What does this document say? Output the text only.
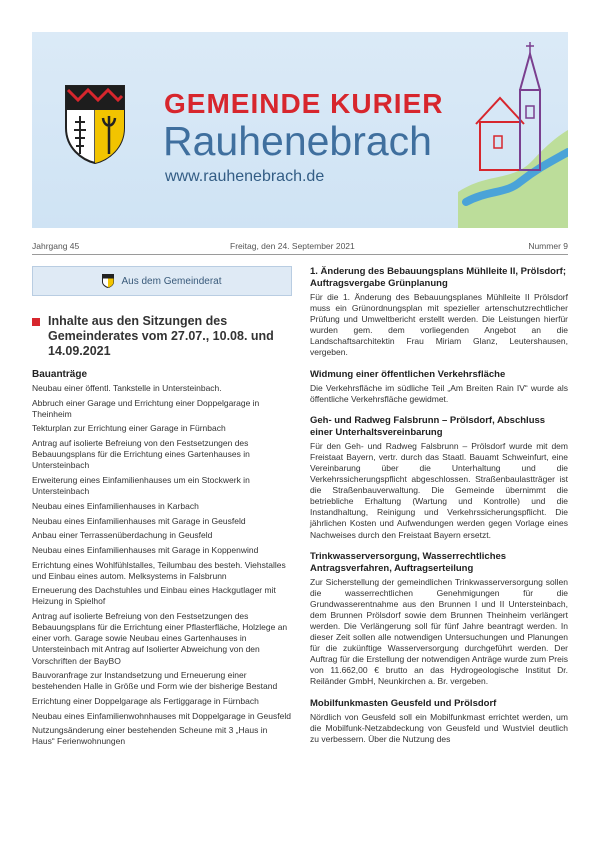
GEMEINDE KURIER
Rauhenebrach
www.rauhenebrach.de
Jahrgang 45	Freitag, den 24. September 2021	Nummer 9
Aus dem Gemeinderat
Inhalte aus den Sitzungen des Gemeinderates vom 27.07., 10.08. und 14.09.2021
Bauanträge

Neubau einer öffentl. Tankstelle in Untersteinbach.

Abbruch einer Garage und Errichtung einer Doppelgarage in Theinheim

Tekturplan zur Errichtung einer Garage in Fürnbach

Antrag auf isolierte Befreiung von den Festsetzungen des Bebauungsplans für die Errichtung eines Gartenhauses in Untersteinbach

Erweiterung eines Einfamilienhauses um ein Stockwerk in Untersteinbach

Neubau eines Einfamilienhauses in Karbach

Neubau eines Einfamilienhauses mit Garage in Geusfeld

Anbau einer Terrassenüberdachung in Geusfeld

Neubau eines Einfamilienhauses mit Garage in Koppenwind

Errichtung eines Wohlfühlstalles, Teilumbau des besteh. Viehstalles und Einbau eines autom. Melksystems in Falsbrunn

Erneuerung des Dachstuhles und Einbau eines Hackgutlager mit Heizung in Spielhof

Antrag auf isolierte Befreiung von den Festsetzungen des Bebauungsplans für die Errichtung einer Pflasterfläche, Holzlege an einer vorh. Garage sowie Neubau eines Gartenhauses in Untersteinbach mit Antrag auf Isolierter Abweichung von den Vorschriften der BayBO

Bauvoranfrage zur Instandsetzung und Erneuerung einer bestehenden Halle in Größe und Form wie der bisherige Bestand

Errichtung einer Doppelgarage als Fertiggarage in Fürnbach

Neubau eines Einfamilienwohnhauses mit Doppelgarage in Geusfeld

Nutzungsänderung einer bestehenden Scheune mit 3 „Haus in Haus“ Ferienwohnungen

1. Änderung des Bebauungsplans Mühlleite II, Prölsdorf; Auftragsvergabe Grünplanung

Für die 1. Änderung des Bebauungsplanes Mühlleite II Prölsdorf muss ein Grünordnungsplan mit spezieller artenschutzrechtlicher Prüfung und Umweltbericht erstellt werden. Die Leistungen hierfür wurden gem. dem vorliegenden Angebot an die Landschaftsarchitektin Frau Miriam Glanz, Leutershausen, vergeben.

Widmung einer öffentlichen Verkehrsfläche

Die Verkehrsfläche im südliche Teil „Am Breiten Rain IV“ wurde als öffentliche Verkehrsfläche gewidmet.

Geh- und Radweg Falsbrunn – Prölsdorf, Abschluss einer Unterhaltsvereinbarung

Für den Geh- und Radweg Falsbrunn – Prölsdorf wurde mit dem Freistaat Bayern, vertr. durch das Staatl. Bauamt Schweinfurt, eine Vereinbarung über die Unterhaltung und die Verkehrssicherungspflicht abgeschlossen. Straßenbaulastträger ist die Straßenbauverwaltung. Die Gemeinde übernimmt die betriebliche Erhaltung (Wartung und Kontrolle) und die Instandhaltung, Reinigung und Verkehrssicherungspflicht. Die jährlichen Kosten und Aufwendungen werden gegen Vorlage eines Nachweises durch den Freistaat Bayern ersetzt.

Trinkwasserversorgung, Wasserrechtliches Antragsverfahren, Auftragserteilung

Zur Sicherstellung der gemeindlichen Trinkwasserversorgung sollen die wasserrechtlichen Genehmigungen für die Grundwasserentnahme aus den Brunnen I und II Untersteinbach, dem Brunnen Prölsdorf sowie dem Brunnen Theinheim verlängert werden. Die Verlängerung soll für fünf Jahre beantragt werden. In dieser Zeit sollen alle notwendigen Untersuchungen und Planungen für die zukünftige Wasserversorgung durchgeführt werden. Der Auftrag für die Erstellung der notwendigen Anträge wurde zum Preis von 11.662,00 € brutto an das Hydrogeologische Institut Dr. Reiländer GmbH, Neunkirchen a. Br. vergeben.

Mobilfunkmasten Geusfeld und Prölsdorf

Nördlich von Geusfeld soll ein Mobilfunkmast errichtet werden, um die Mobilfunk-Netzabdeckung von Geusfeld und Wustviel deutlich zu verbessern. Über die Nutzung des
